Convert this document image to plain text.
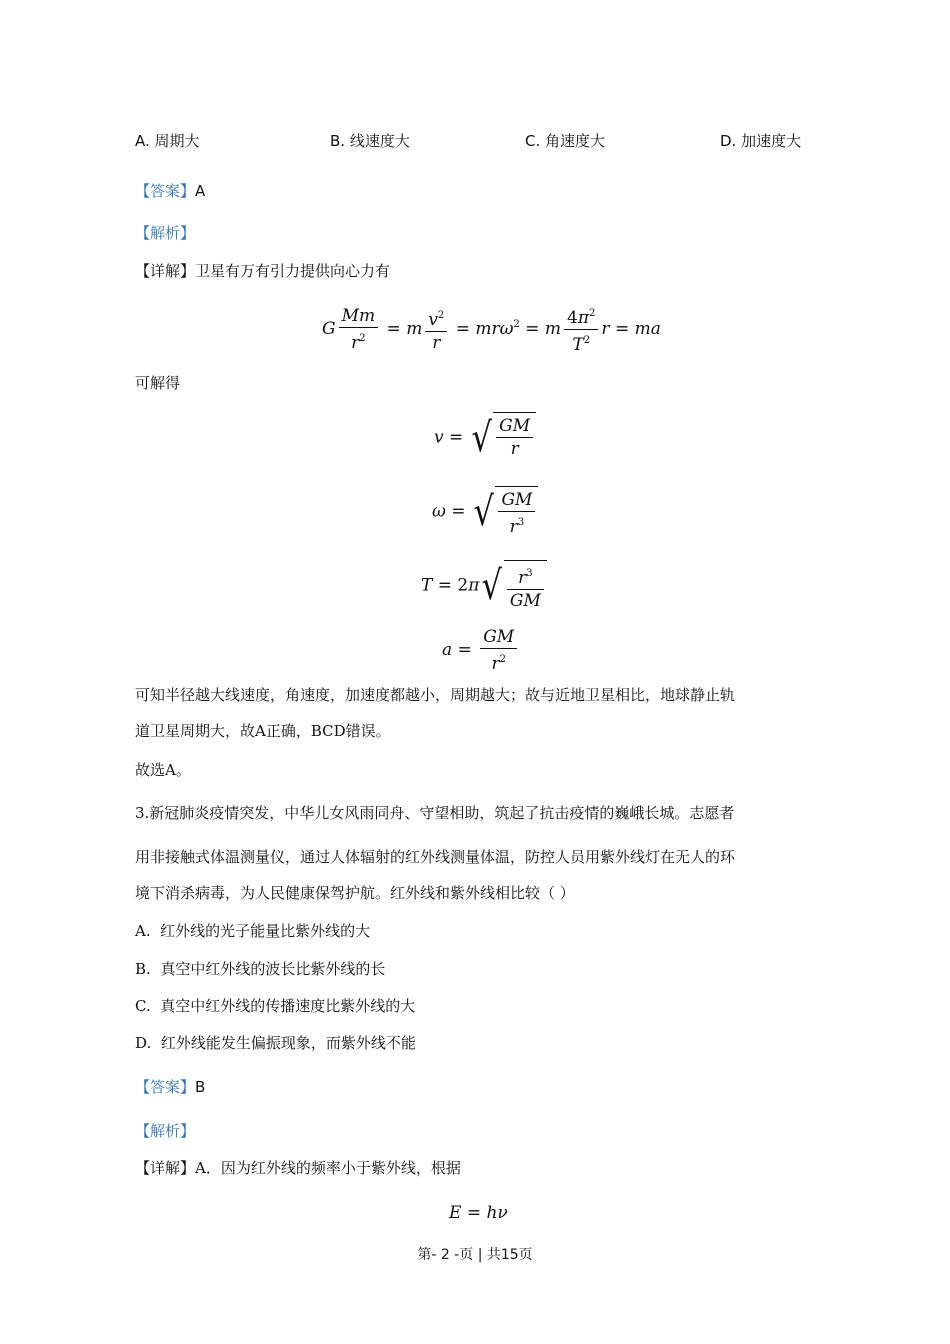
A. 周期大	B. 线速度大	C. 角速度大	D. 加速度大
【答案】A
【解析】
【详解】卫星有万有引力提供向心力有
G $\frac{Mm}{r^2} = m \frac{v^2}{r} = mr\omega^2 = m \frac{4\pi^2}{T^2}$ r = ma
可解得
v = √ $\frac{GM}{r}$
ω = √ $\frac{GM}{r^3}$
T = 2π √ $\frac{r^3}{GM}$
$a = \frac{GM}{r^2}$
可知半径越大线速度，角速度，加速度都越小，周期越大；故与近地卫星相比，地球静止轨
道卫星周期大，故A正确，BCD错误。
故选A。
3.新冠肺炎疫情突发，中华儿女风雨同舟、守望相助，筑起了抗击疫情的巍峨长城。志愿者
用非接触式体温测量仪，通过人体辐射的红外线测量体温，防控人员用紫外线灯在无人的环
境下消杀病毒，为人民健康保驾护航。红外线和紫外线相比较（ ）
A. 红外线的光子能量比紫外线的大
B. 真空中红外线的波长比紫外线的长
C. 真空中红外线的传播速度比紫外线的大
D. 红外线能发生偏振现象，而紫外线不能
【答案】B
【解析】
【详解】A．因为红外线的频率小于紫外线，根据
E = hν
第- 2 -页 | 共15页
